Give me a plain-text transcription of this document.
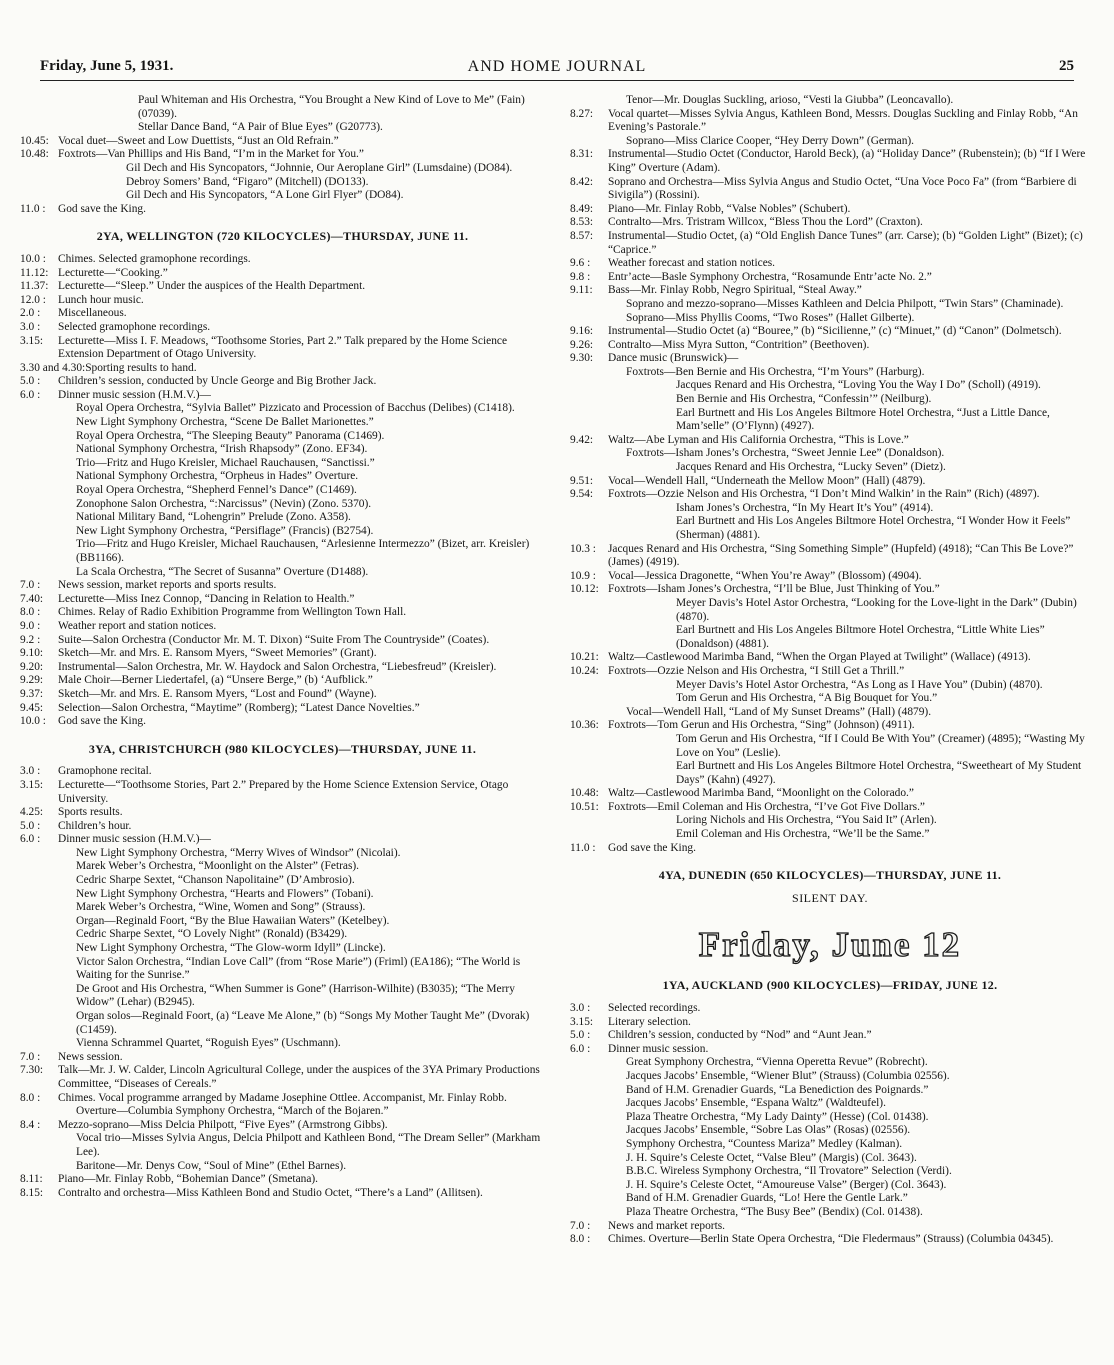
Friday, June 5, 1931.	AND HOME JOURNAL	25
Paul Whiteman and His Orchestra, “You Brought a New Kind of Love to Me” (Fain) (07039).
Stellar Dance Band, “A Pair of Blue Eyes” (G20773).
10.45: Vocal duet—Sweet and Low Duettists, “Just an Old Refrain.”
10.48: Foxtrots—Van Phillips and His Band, “I’m in the Market for You.”
Gil Dech and His Syncopators, “Johnnie, Our Aeroplane Girl” (Lumsdaine) (DO84).
Debroy Somers’ Band, “Figaro” (Mitchell) (DO133).
Gil Dech and His Syncopators, “A Lone Girl Flyer” (DO84).
11.0 :	God save the King.
2YA, WELLINGTON (720 KILOCYCLES)—THURSDAY, JUNE 11.
10.0 :	Chimes. Selected gramophone recordings.
11.12: Lecturette—“Cooking.”
11.37: Lecturette—“Sleep.” Under the auspices of the Health Department.
12.0 :	Lunch hour music.
2.0 :	Miscellaneous.
3.0 :	Selected gramophone recordings.
3.15:	Lecturette—Miss I. F. Meadows, “Toothsome Stories, Part 2.” Talk prepared by the Home Science Extension Department of Otago University.
3.30 and 4.30: Sporting results to hand.
5.0 :	Children’s session, conducted by Uncle George and Big Brother Jack.
6.0 :	Dinner music session (H.M.V.)—
Royal Opera Orchestra, “Sylvia Ballet” Pizzicato and Procession of Bacchus (Delibes) (C1418).
New Light Symphony Orchestra, “Scene De Ballet Marionettes.”
Royal Opera Orchestra, “The Sleeping Beauty” Panorama (C1469).
National Symphony Orchestra, “Irish Rhapsody” (Zono. EF34).
Trio—Fritz and Hugo Kreisler, Michael Rauchausen, “Sanctissi.”
National Symphony Orchestra, “Orpheus in Hades” Overture.
Royal Opera Orchestra, “Shepherd Fennel’s Dance” (C1469).
Zonophone Salon Orchestra, “:Narcissus” (Nevin) (Zono. 5370).
National Military Band, “Lohengrin” Prelude (Zono. A358).
New Light Symphony Orchestra, “Persiflage” (Francis) (B2754).
Trio—Fritz and Hugo Kreisler, Michael Rauchausen, “Arlesienne Intermezzo” (Bizet, arr. Kreisler) (BB1166).
La Scala Orchestra, “The Secret of Susanna” Overture (D1488).
7.0 :	News session, market reports and sports results.
7.40:	Lecturette—Miss Inez Connop, “Dancing in Relation to Health.”
8.0 :	Chimes. Relay of Radio Exhibition Programme from Wellington Town Hall.
9.0 :	Weather report and station notices.
9.2 :	Suite—Salon Orchestra (Conductor Mr. M. T. Dixon) “Suite From The Countryside” (Coates).
9.10:	Sketch—Mr. and Mrs. E. Ransom Myers, “Sweet Memories” (Grant).
9.20:	Instrumental—Salon Orchestra, Mr. W. Haydock and Salon Orchestra, “Liebesfreud” (Kreisler).
9.29:	Male Choir—Berner Liedertafel, (a) “Unsere Berge,” (b) ‘Aufblick.”
9.37:	Sketch—Mr. and Mrs. E. Ransom Myers, “Lost and Found” (Wayne).
9.45:	Selection—Salon Orchestra, “Maytime” (Romberg); “Latest Dance Novelties.”
10.0 :	God save the King.
3YA, CHRISTCHURCH (980 KILOCYCLES)—THURSDAY, JUNE 11.
3.0 :	Gramophone recital.
3.15:	Lecturette—“Toothsome Stories, Part 2.” Prepared by the Home Science Extension Service, Otago University.
4.25:	Sports results.
5.0 :	Children’s hour.
6.0 :	Dinner music session (H.M.V.)—
New Light Symphony Orchestra, “Merry Wives of Windsor” (Nicolai).
Marek Weber’s Orchestra, “Moonlight on the Alster” (Fetras).
Cedric Sharpe Sextet, “Chanson Napolitaine” (D’Ambrosio).
New Light Symphony Orchestra, “Hearts and Flowers” (Tobani).
Marek Weber’s Orchestra, “Wine, Women and Song” (Strauss).
Organ—Reginald Foort, “By the Blue Hawaiian Waters” (Ketelbey).
Cedric Sharpe Sextet, “O Lovely Night” (Ronald) (B3429).
New Light Symphony Orchestra, “The Glow-worm Idyll” (Lincke).
Victor Salon Orchestra, “Indian Love Call” (from “Rose Marie”) (Friml) (EA186); “The World is Waiting for the Sunrise.”
De Groot and His Orchestra, “When Summer is Gone” (Harrison-Wilhite) (B3035); “The Merry Widow” (Lehar) (B2945).
Organ solos—Reginald Foort, (a) “Leave Me Alone,” (b) “Songs My Mother Taught Me” (Dvorak) (C1459).
Vienna Schrammel Quartet, “Roguish Eyes” (Uschmann).
7.0 :	News session.
7.30:	Talk—Mr. J. W. Calder, Lincoln Agricultural College, under the auspices of the 3YA Primary Productions Committee, “Diseases of Cereals.”
8.0 :	Chimes. Vocal programme arranged by Madame Josephine Ottlee. Accompanist, Mr. Finlay Robb.
Overture—Columbia Symphony Orchestra, “March of the Bojaren.”
8.4 :	Mezzo-soprano—Miss Delcia Philpott, “Five Eyes” (Armstrong Gibbs).
Vocal trio—Misses Sylvia Angus, Delcia Philpott and Kathleen Bond, “The Dream Seller” (Markham Lee).
Baritone—Mr. Denys Cow, “Soul of Mine” (Ethel Barnes).
8.11:	Piano—Mr. Finlay Robb, “Bohemian Dance” (Smetana).
8.15:	Contralto and orchestra—Miss Kathleen Bond and Studio Octet, “There’s a Land” (Allitsen).
Tenor—Mr. Douglas Suckling, arioso, “Vesti la Giubba” (Leoncavallo).
8.27:	Vocal quartet—Misses Sylvia Angus, Kathleen Bond, Messrs. Douglas Suckling and Finlay Robb, “An Evening’s Pastorale.”
Soprano—Miss Clarice Cooper, “Hey Derry Down” (German).
8.31:	Instrumental—Studio Octet (Conductor, Harold Beck), (a) “Holiday Dance” (Rubenstein); (b) “If I Were King” Overture (Adam).
8.42:	Soprano and Orchestra—Miss Sylvia Angus and Studio Octet, “Una Voce Poco Fa” (from “Barbiere di Sivigila”) (Rossini).
8.49:	Piano—Mr. Finlay Robb, “Valse Nobles” (Schubert).
8.53:	Contralto—Mrs. Tristram Willcox, “Bless Thou the Lord” (Craxton).
8.57:	Instrumental—Studio Octet, (a) “Old English Dance Tunes” (arr. Carse); (b) “Golden Light” (Bizet); (c) “Caprice.”
9.6 :	Weather forecast and station notices.
9.8 :	Entr’acte—Basle Symphony Orchestra, “Rosamunde Entr’acte No. 2.”
9.11:	Bass—Mr. Finlay Robb, Negro Spiritual, “Steal Away.”
Soprano and mezzo-soprano—Misses Kathleen and Delcia Philpott, “Twin Stars” (Chaminade).
Soprano—Miss Phyllis Cooms, “Two Roses” (Hallet Gilberte).
9.16:	Instrumental—Studio Octet (a) “Bouree,” (b) “Sicilienne,” (c) “Minuet,” (d) “Canon” (Dolmetsch).
9.26:	Contralto—Miss Myra Sutton, “Contrition” (Beethoven).
9.30:	Dance music (Brunswick)—
Foxtrots—Ben Bernie and His Orchestra, “I’m Yours” (Harburg).
Jacques Renard and His Orchestra, “Loving You the Way I Do” (Scholl) (4919).
Ben Bernie and His Orchestra, “Confessin’” (Neilburg).
Earl Burtnett and His Los Angeles Biltmore Hotel Orchestra, “Just a Little Dance, Mam’selle” (O’Flynn) (4927).
9.42:	Waltz—Abe Lyman and His California Orchestra, “This is Love.”
Foxtrots—Isham Jones’s Orchestra, “Sweet Jennie Lee” (Donaldson).
Jacques Renard and His Orchestra, “Lucky Seven” (Dietz).
9.51:	Vocal—Wendell Hall, “Underneath the Mellow Moon” (Hall) (4879).
9.54:	Foxtrots—Ozzie Nelson and His Orchestra, “I Don’t Mind Walkin’ in the Rain” (Rich) (4897).
Isham Jones’s Orchestra, “In My Heart It’s You” (4914).
Earl Burtnett and His Los Angeles Biltmore Hotel Orchestra, “I Wonder How it Feels” (Sherman) (4881).
10.3 :	Jacques Renard and His Orchestra, “Sing Something Simple” (Hupfeld) (4918); “Can This Be Love?” (James) (4919).
10.9 :	Vocal—Jessica Dragonette, “When You’re Away” (Blossom) (4904).
10.12: Foxtrots—Isham Jones’s Orchestra, “I’ll be Blue, Just Thinking of You.”
Meyer Davis’s Hotel Astor Orchestra, “Looking for the Love-light in the Dark” (Dubin) (4870).
Earl Burtnett and His Los Angeles Biltmore Hotel Orchestra, “Little White Lies” (Donaldson) (4881).
10.21: Waltz—Castlewood Marimba Band, “When the Organ Played at Twilight” (Wallace) (4913).
10.24: Foxtrots—Ozzie Nelson and His Orchestra, “I Still Get a Thrill.”
Meyer Davis’s Hotel Astor Orchestra, “As Long as I Have You” (Dubin) (4870).
Tom Gerun and His Orchestra, “A Big Bouquet for You.”
Vocal—Wendell Hall, “Land of My Sunset Dreams” (Hall) (4879).
10.36: Foxtrots—Tom Gerun and His Orchestra, “Sing” (Johnson) (4911).
Tom Gerun and His Orchestra, “If I Could Be With You” (Creamer) (4895); “Wasting My Love on You” (Leslie).
Earl Burtnett and His Los Angeles Biltmore Hotel Orchestra, “Sweetheart of My Student Days” (Kahn) (4927).
10.48: Waltz—Castlewood Marimba Band, “Moonlight on the Colorado.”
10.51: Foxtrots—Emil Coleman and His Orchestra, “I’ve Got Five Dollars.”
Loring Nichols and His Orchestra, “You Said It” (Arlen).
Emil Coleman and His Orchestra, “We’ll be the Same.”
11.0 :	God save the King.
4YA, DUNEDIN (650 KILOCYCLES)—THURSDAY, JUNE 11.
SILENT DAY.
Friday, June 12
1YA, AUCKLAND (900 KILOCYCLES)—FRIDAY, JUNE 12.
3.0 :	Selected recordings.
3.15:	Literary selection.
5.0 :	Children’s session, conducted by “Nod” and “Aunt Jean.”
6.0 :	Dinner music session.
Great Symphony Orchestra, “Vienna Operetta Revue” (Robrecht).
Jacques Jacobs’ Ensemble, “Wiener Blut” (Strauss) (Columbia 02556).
Band of H.M. Grenadier Guards, “La Benediction des Poignards.”
Jacques Jacobs’ Ensemble, “Espana Waltz” (Waldteufel).
Plaza Theatre Orchestra, “My Lady Dainty” (Hesse) (Col. 01438).
Jacques Jacobs’ Ensemble, “Sobre Las Olas” (Rosas) (02556).
Symphony Orchestra, “Countess Mariza” Medley (Kalman).
J. H. Squire’s Celeste Octet, “Valse Bleu” (Margis) (Col. 3643).
B.B.C. Wireless Symphony Orchestra, “Il Trovatore” Selection (Verdi).
J. H. Squire’s Celeste Octet, “Amoureuse Valse” (Berger) (Col. 3643).
Band of H.M. Grenadier Guards, “Lo! Here the Gentle Lark.”
Plaza Theatre Orchestra, “The Busy Bee” (Bendix) (Col. 01438).
7.0 :	News and market reports.
8.0 :	Chimes. Overture—Berlin State Opera Orchestra, “Die Fledermaus” (Strauss) (Columbia 04345).
